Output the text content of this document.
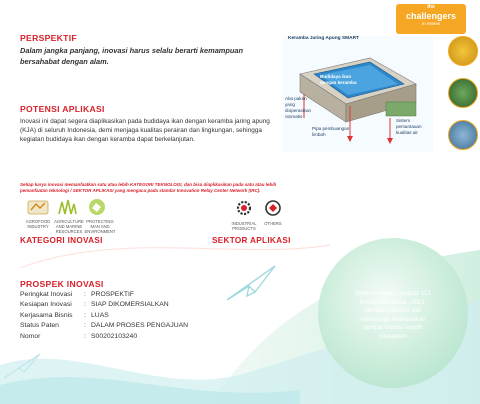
Demi meraihsu pasaran 113 Inovasi Indonesia - 2021, identitas inovator dan institusinya dirahasiakan sampai inovasi terpilih ditetapkan
PERSPEKTIF
Dalam jangka panjang, inovasi harus selalu berarti kemampuan bersahabat dengan alam.
POTENSI APLIKASI
Inovasi ini dapat segera diaplikasikan pada budidaya ikan dengan keramba jaring apung (KJA) di seluruh Indonesia, demi menjaga kualitas perairan dan lingkungan, sehingga kegiatan budidaya ikan dengan keramba dapat berkelanjutan.
Keramba Jaring Apung SMART
Budidaya ikan dengan keramba
Alat pakan yang dioperasikan otomatis
Sistem pemantauan kualitas air
Pipa pembuangan limbah
the
challengers
in review
Setiap karya inovasi memanfaatkan satu atau lebih KATEGORI TEKNOLOGI, dan bisa diaplikasikan pada satu atau lebih pemanfaatan teknologi / SEKTOR APLIKASI yang mengacu pada standar Innovation Relay Center Network (IRC).
AGROFOOD INDUSTRY
AGRICULTURE AND MARINE RESOURCES
PROTECTING MAN AND ENVIRONMENT
INDUSTRIAL PRODUCTS
OTHERS
KATEGORI INOVASI	SEKTOR APLIKASI
PROSPEK INOVASI
Peringkat Inovasi : PROSPEKTIF
Kesiapan Inovasi : SIAP DIKOMERSIALKAN
Kerjasama Bisnis : LUAS
Status Paten	: DALAM PROSES PENGAJUAN
Nomor	: S00202103240
